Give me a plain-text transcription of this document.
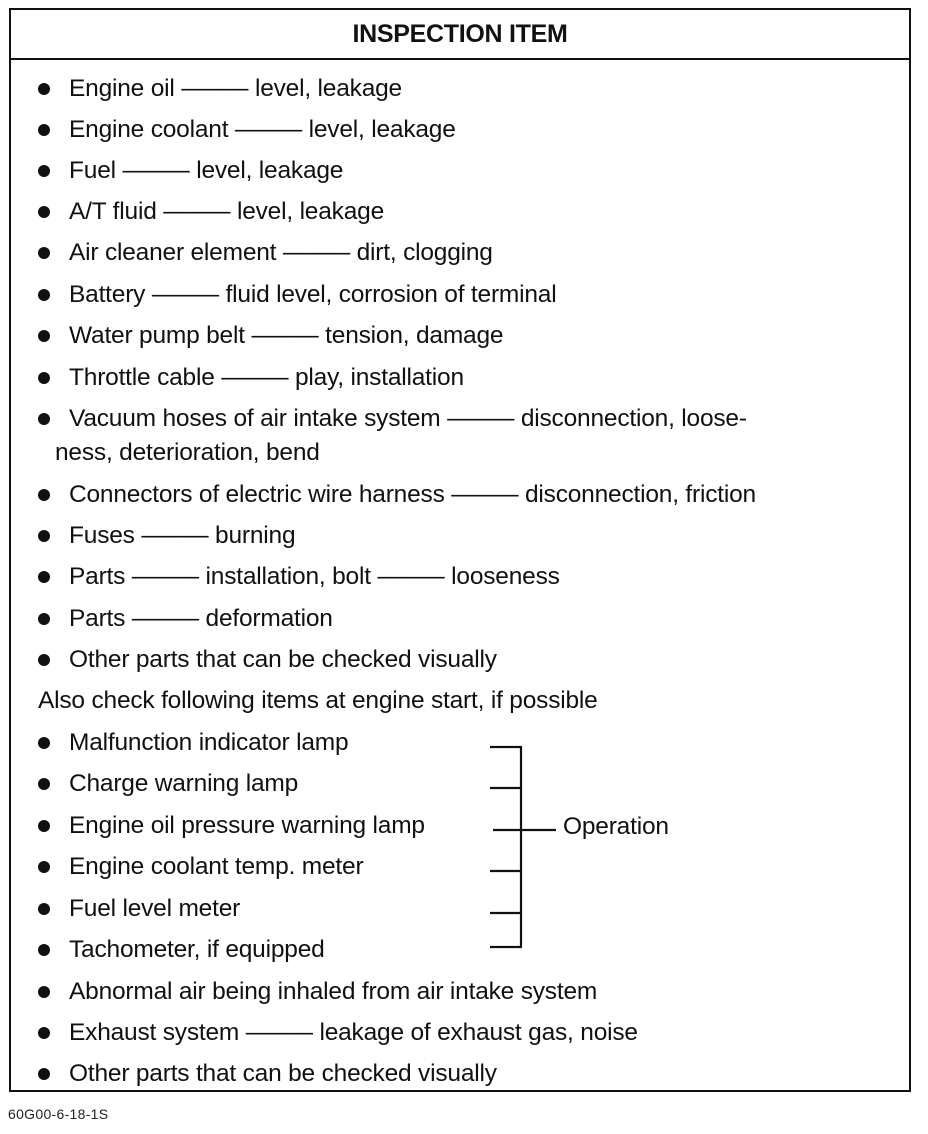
INSPECTION ITEM
Engine oil ––––– level, leakage
Engine coolant ––––– level, leakage
Fuel ––––– level, leakage
A/T fluid ––––– level, leakage
Air cleaner element ––––– dirt, clogging
Battery ––––– fluid level, corrosion of terminal
Water pump belt ––––– tension, damage
Throttle cable ––––– play, installation
Vacuum hoses of air intake system ––––– disconnection, loose-
ness, deterioration, bend
Connectors of electric wire harness ––––– disconnection, friction
Fuses ––––– burning
Parts ––––– installation, bolt ––––– looseness
Parts ––––– deformation
Other parts that can be checked visually
Also check following items at engine start, if possible
Malfunction indicator lamp
Charge warning lamp
Engine oil pressure warning lamp
Engine coolant temp. meter
Fuel level meter
Tachometer, if equipped
Operation
Abnormal air being inhaled from air intake system
Exhaust system ––––– leakage of exhaust gas, noise
Other parts that can be checked visually
60G00-6-18-1S
